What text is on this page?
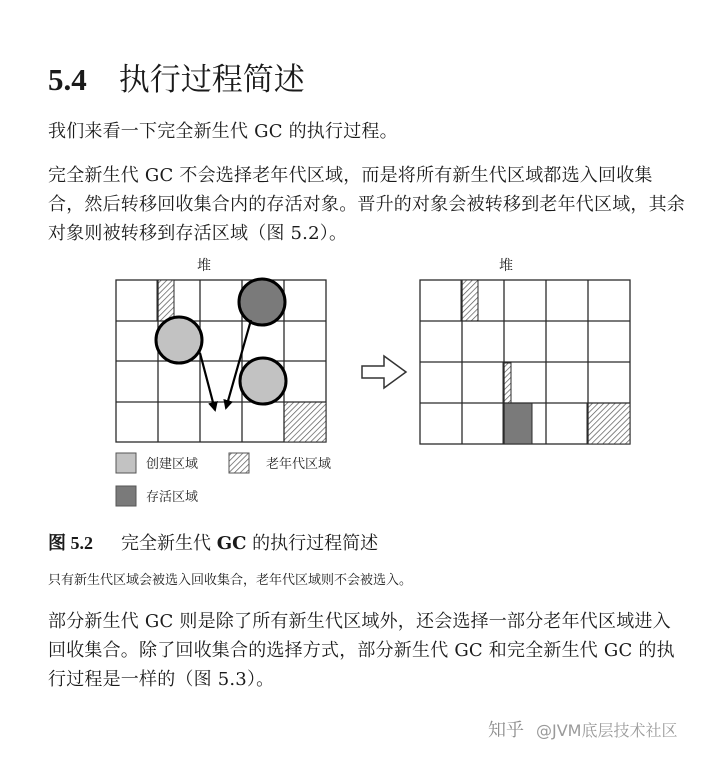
5.4 执行过程简述

我们来看一下完全新生代 GC 的执行过程。

完全新生代 GC 不会选择老年代区域，而是将所有新生代区域都选入回收集合，然后转移回收集合内的存活对象。晋升的对象会被转移到老年代区域，其余对象则被转移到存活区域（图 5.2）。

堆	堆
创建区域	老年代区域
存活区域

图 5.2 完全新生代 GC 的执行过程简述

只有新生代区域会被选入回收集合，老年代区域则不会被选入。

部分新生代 GC 则是除了所有新生代区域外，还会选择一部分老年代区域进入回收集合。除了回收集合的选择方式，部分新生代 GC 和完全新生代 GC 的执行过程是一样的（图 5.3）。

知乎 @JVM底层技术社区
